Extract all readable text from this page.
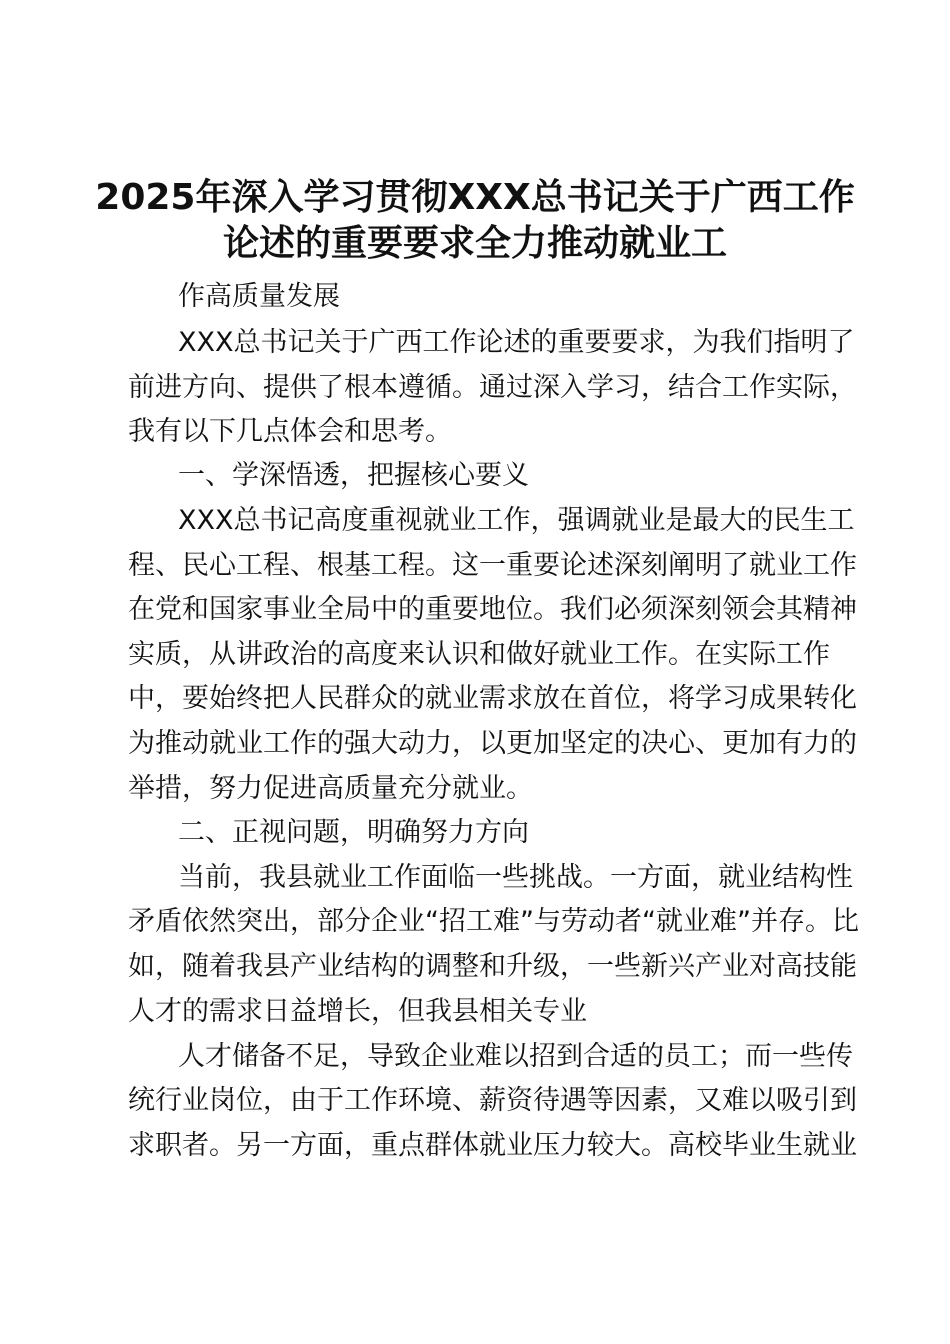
2025年深入学习贯彻XXX总书记关于广西工作
论述的重要要求全力推动就业工
作高质量发展
XXX总书记关于广西工作论述的重要要求，为我们指明了
前进方向、提供了根本遵循。通过深入学习，结合工作实际，
我有以下几点体会和思考。
一、学深悟透，把握核心要义
XXX总书记高度重视就业工作，强调就业是最大的民生工
程、民心工程、根基工程。这一重要论述深刻阐明了就业工作
在党和国家事业全局中的重要地位。我们必须深刻领会其精神
实质，从讲政治的高度来认识和做好就业工作。在实际工作
中，要始终把人民群众的就业需求放在首位，将学习成果转化
为推动就业工作的强大动力，以更加坚定的决心、更加有力的
举措，努力促进高质量充分就业。
二、正视问题，明确努力方向
当前，我县就业工作面临一些挑战。一方面，就业结构性
矛盾依然突出，部分企业“招工难”与劳动者“就业难”并存。比
如，随着我县产业结构的调整和升级，一些新兴产业对高技能
人才的需求日益增长，但我县相关专业
人才储备不足，导致企业难以招到合适的员工；而一些传
统行业岗位，由于工作环境、薪资待遇等因素，又难以吸引到
求职者。另一方面，重点群体就业压力较大。高校毕业生就业
